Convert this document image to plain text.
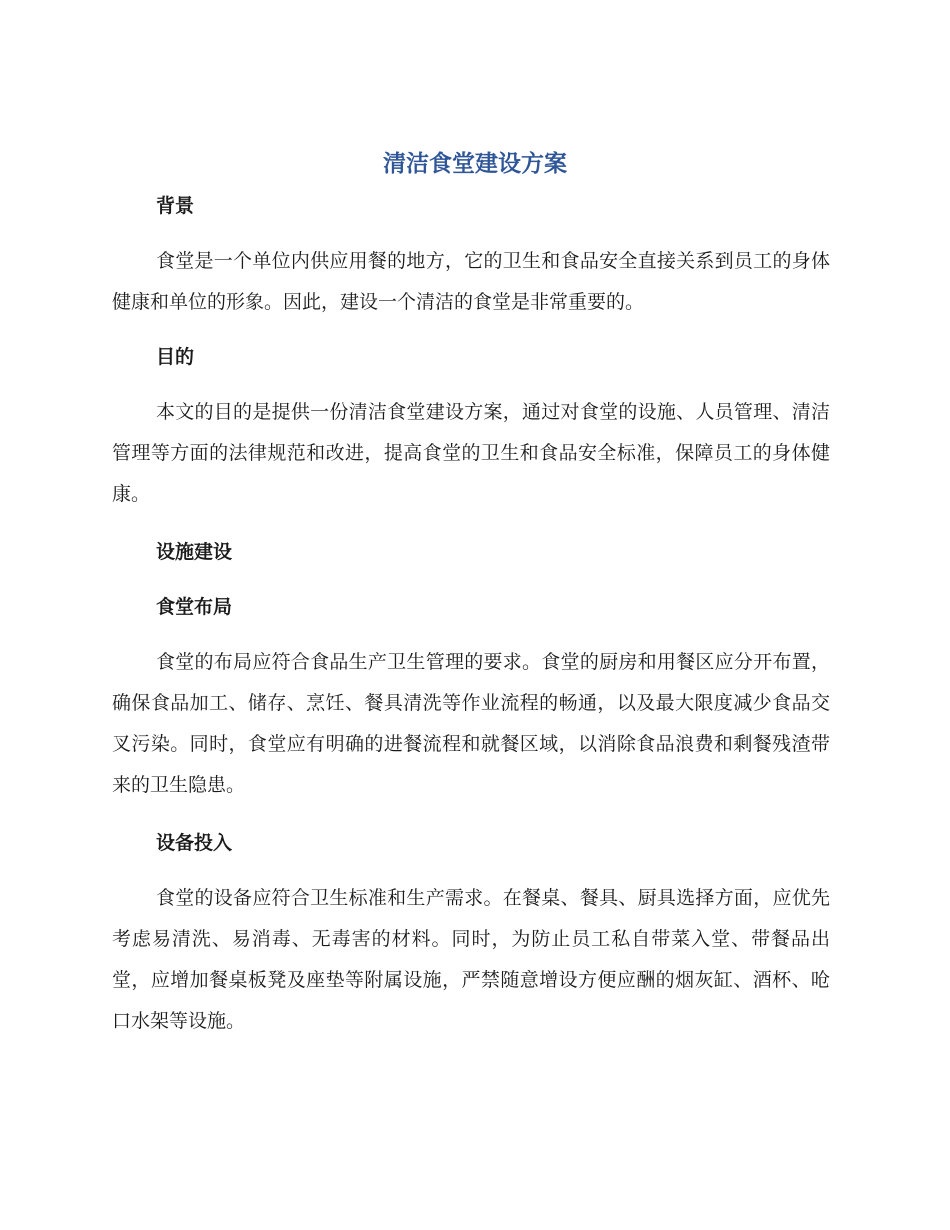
清洁食堂建设方案
背景

食堂是一个单位内供应用餐的地方，它的卫生和食品安全直接关系到员工的身体健康和单位的形象。因此，建设一个清洁的食堂是非常重要的。

目的

本文的目的是提供一份清洁食堂建设方案，通过对食堂的设施、人员管理、清洁管理等方面的法律规范和改进，提高食堂的卫生和食品安全标准，保障员工的身体健康。

设施建设
食堂布局

食堂的布局应符合食品生产卫生管理的要求。食堂的厨房和用餐区应分开布置，确保食品加工、储存、烹饪、餐具清洗等作业流程的畅通，以及最大限度减少食品交叉污染。同时，食堂应有明确的进餐流程和就餐区域，以消除食品浪费和剩餐残渣带来的卫生隐患。

设备投入

食堂的设备应符合卫生标准和生产需求。在餐桌、餐具、厨具选择方面，应优先考虑易清洗、易消毒、无毒害的材料。同时，为防止员工私自带菜入堂、带餐品出堂，应增加餐桌板凳及座垫等附属设施，严禁随意增设方便应酬的烟灰缸、酒杯、呛口水架等设施。
